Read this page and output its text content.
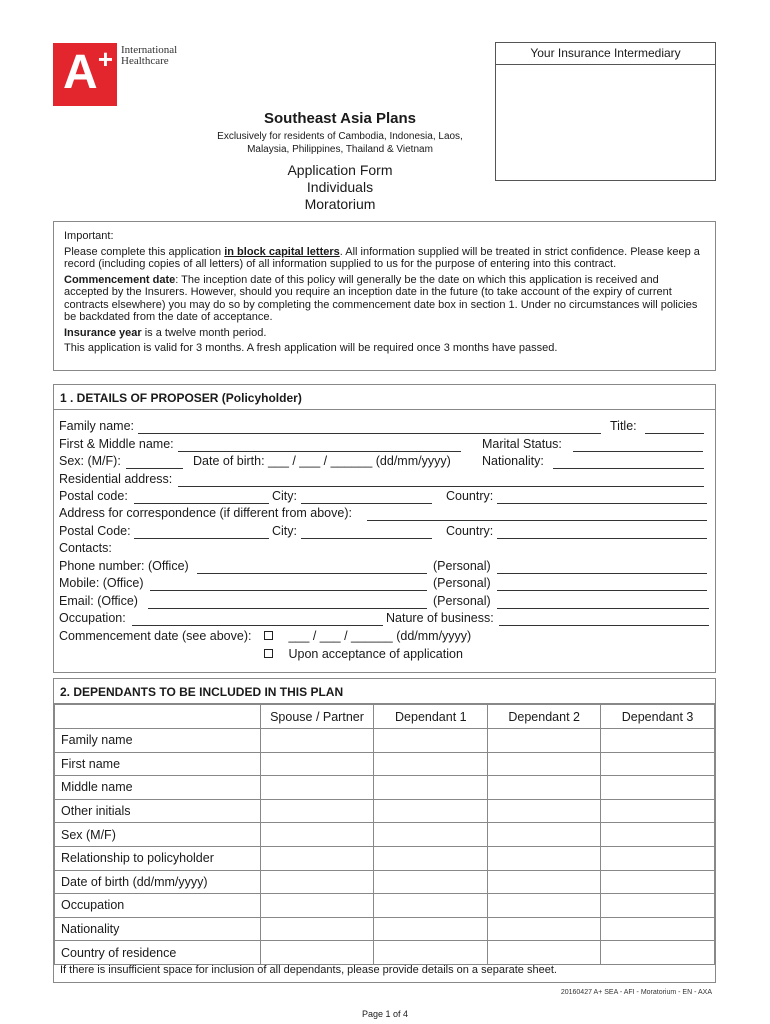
A + International
Healthcare
Your Insurance Intermediary
Southeast Asia Plans
Exclusively for residents of Cambodia, Indonesia, Laos,
Malaysia, Philippines, Thailand & Vietnam
Application Form
Individuals
Moratorium

Important:

Please complete this application in block capital letters. All information supplied will be treated in strict confidence. Please keep a record (including copies of all letters) of all information supplied to us for the purpose of entering into this contract.

Commencement date: The inception date of this policy will generally be the date on which this application is received and accepted by the Insurers. However, should you require an inception date in the future (to take account of the expiry of current contracts elsewhere) you may do so by completing the commencement date box in section 1. Under no circumstances will policies be backdated from the date of acceptance.

Insurance year is a twelve month period.

This application is valid for 3 months. A fresh application will be required once 3 months have passed.

1 . DETAILS OF PROPOSER (Policyholder)
Family name:	Title:
First & Middle name:	Marital Status:
Sex: (M/F):	Date of birth: ___ / ___ / ______ (dd/mm/yyyy) Nationality:
Residential address:
Postal code:	City:	Country:
Address for correspondence (if different from above):
Postal Code:	City:	Country:
Contacts:
Phone number: (Office)	(Personal)
Mobile: (Office)	(Personal)
Email: (Office)	(Personal)
Occupation:	Nature of business:
Commencement date (see above):	___ / ___ / ______ (dd/mm/yyyy)
Upon acceptance of application
2. DEPENDANTS TO BE INCLUDED IN THIS PLAN
	Spouse / Partner	Dependant 1	Dependant 2	Dependant 3
Family name				
First name				
Middle name				
Other initials				
Sex (M/F)				
Relationship to policyholder				
Date of birth (dd/mm/yyyy)				
Occupation				
Nationality				
Country of residence				
If there is insufficient space for inclusion of all dependants, please provide details on a separate sheet.
20160427 A+ SEA - AFI - Moratorium - EN - AXA
Page 1 of 4
